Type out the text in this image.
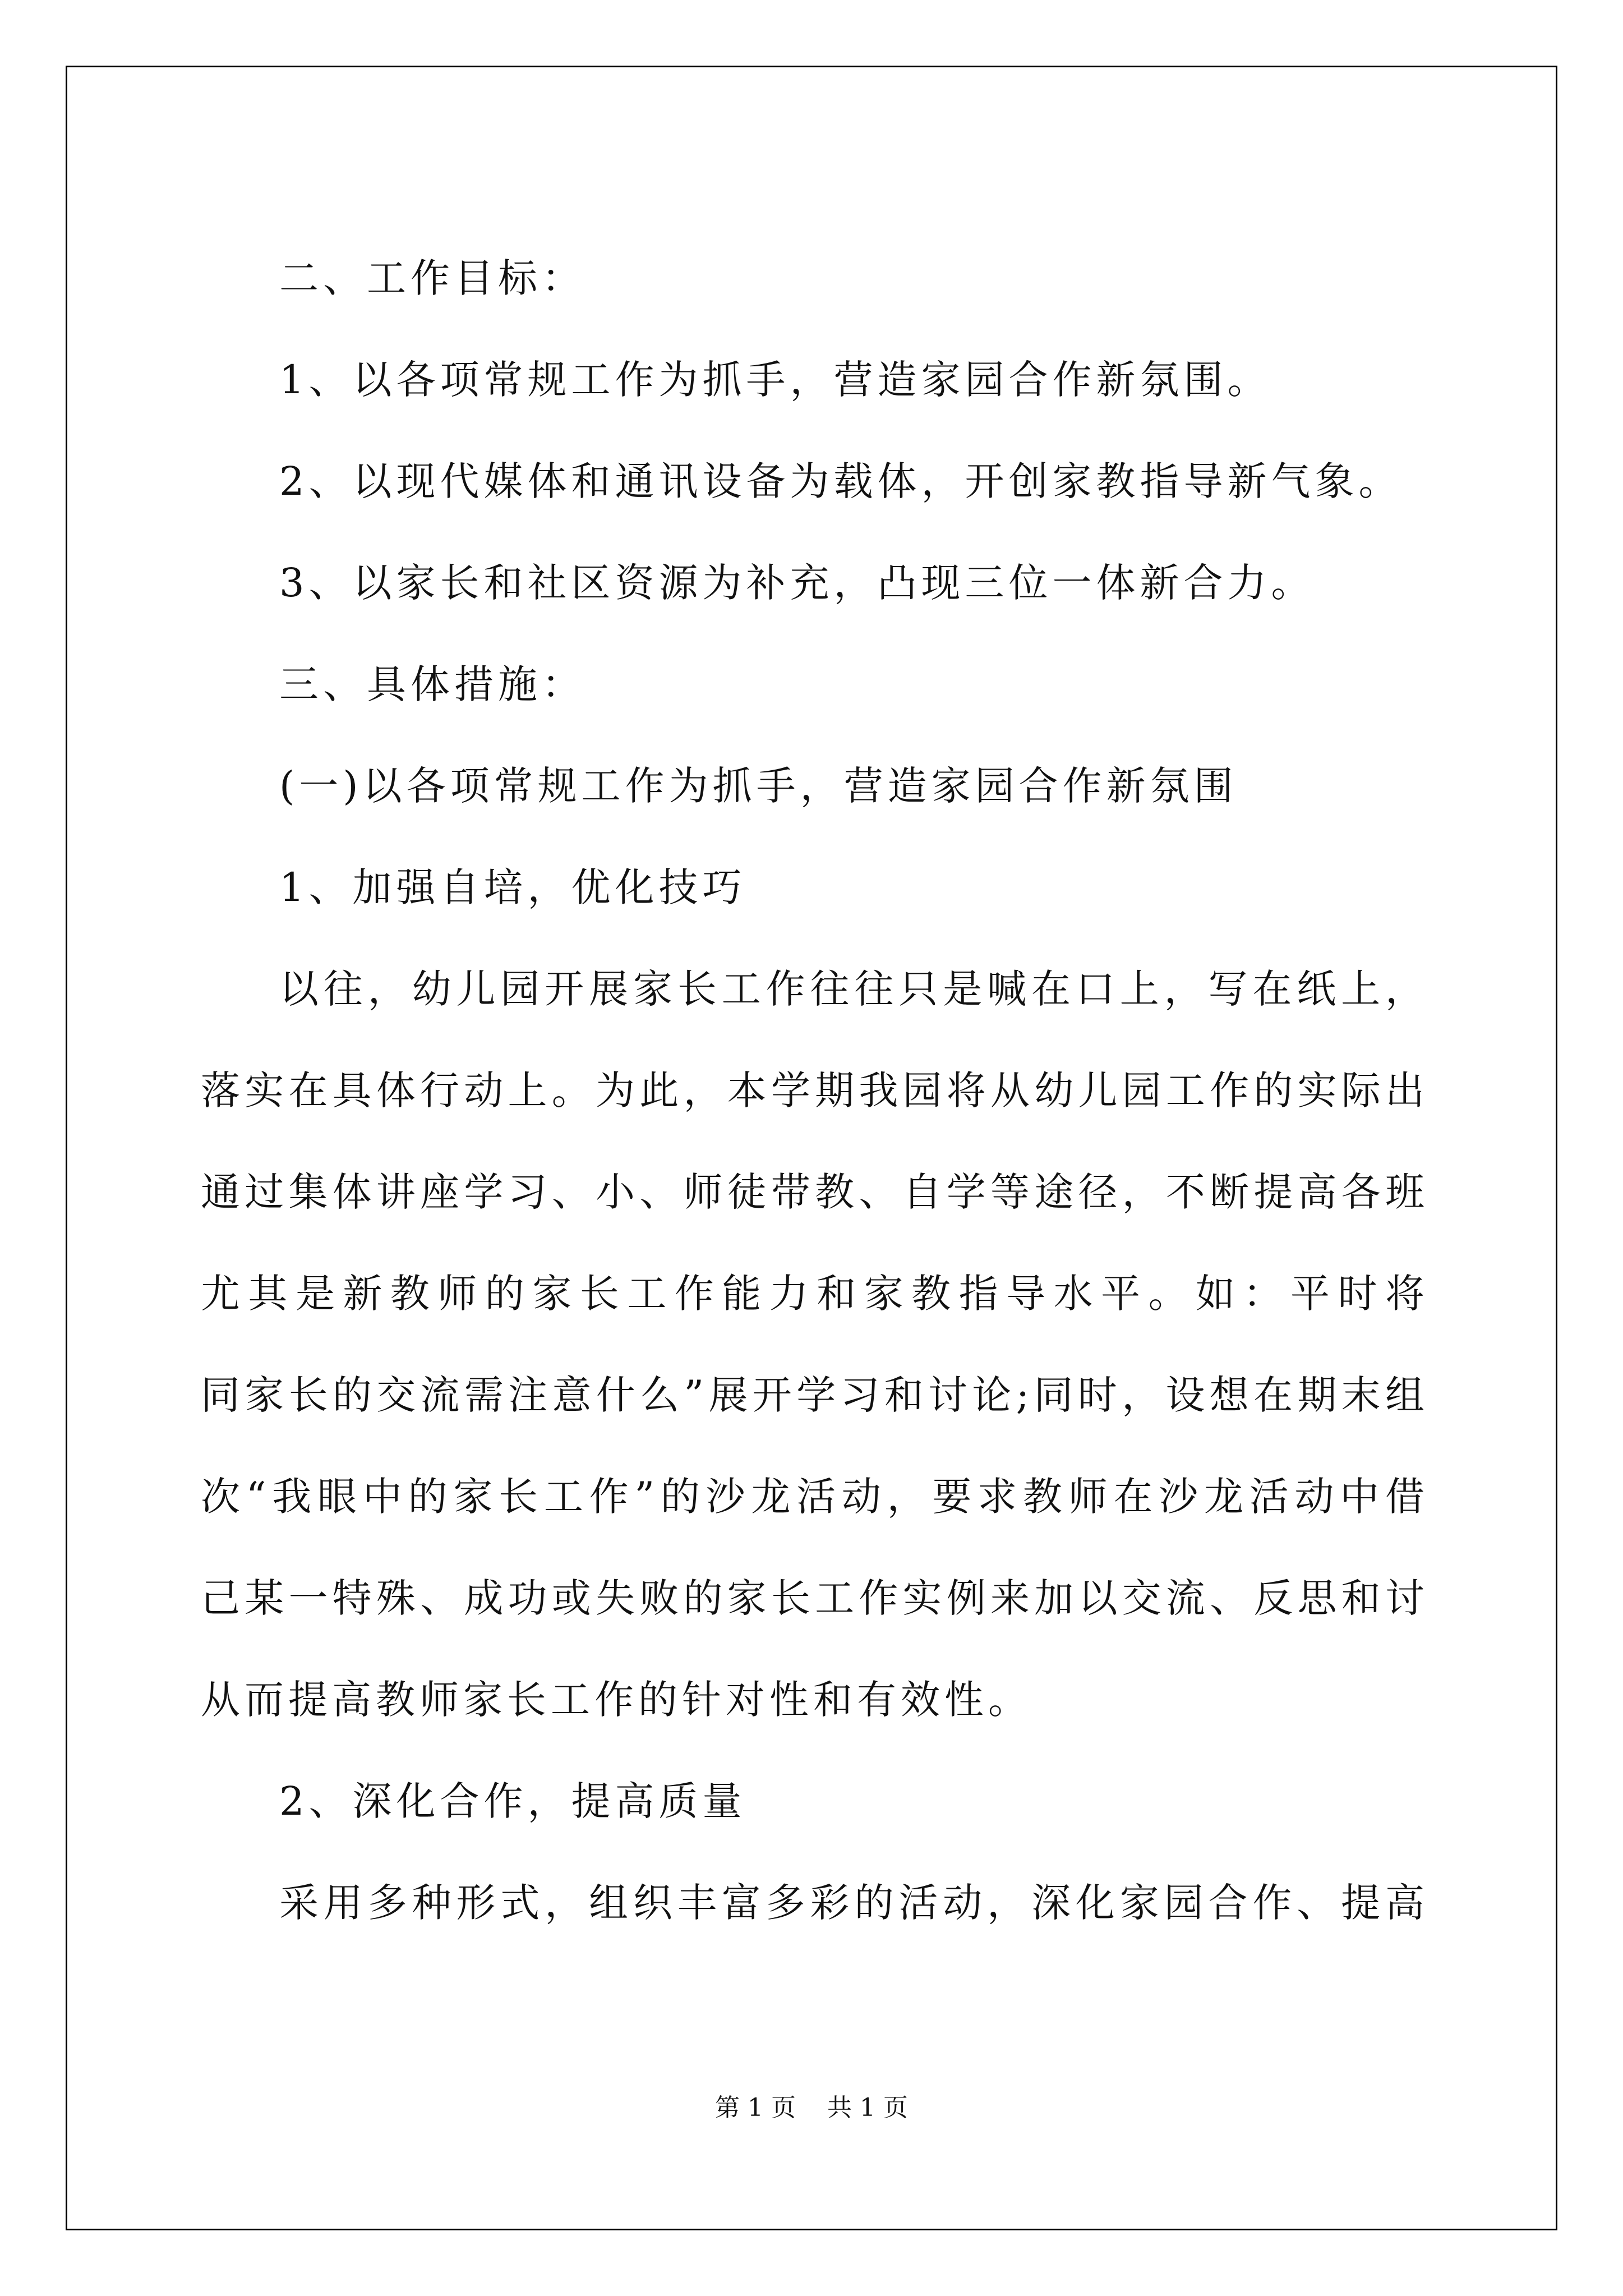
二、工作目标：
1、以各项常规工作为抓手，营造家园合作新氛围。
2、以现代媒体和通讯设备为载体，开创家教指导新气象。
3、以家长和社区资源为补充，凸现三位一体新合力。
三、具体措施：
(一)以各项常规工作为抓手，营造家园合作新氛围
1、加强自培，优化技巧
以往，幼儿园开展家长工作往往只是喊在口上，写在纸上，
落实在具体行动上。为此，本学期我园将从幼儿园工作的实际出
通过集体讲座学习、小、师徒带教、自学等途径，不断提高各班
尤其是新教师的家长工作能力和家教指导水平。如：平时将
同家长的交流需注意什么”展开学习和讨论;同时，设想在期末组
次“我眼中的家长工作”的沙龙活动，要求教师在沙龙活动中借
己某一特殊、成功或失败的家长工作实例来加以交流、反思和讨
从而提高教师家长工作的针对性和有效性。
2、深化合作，提高质量
采用多种形式，组织丰富多彩的活动，深化家园合作、提高
第 1 页    共 1 页
